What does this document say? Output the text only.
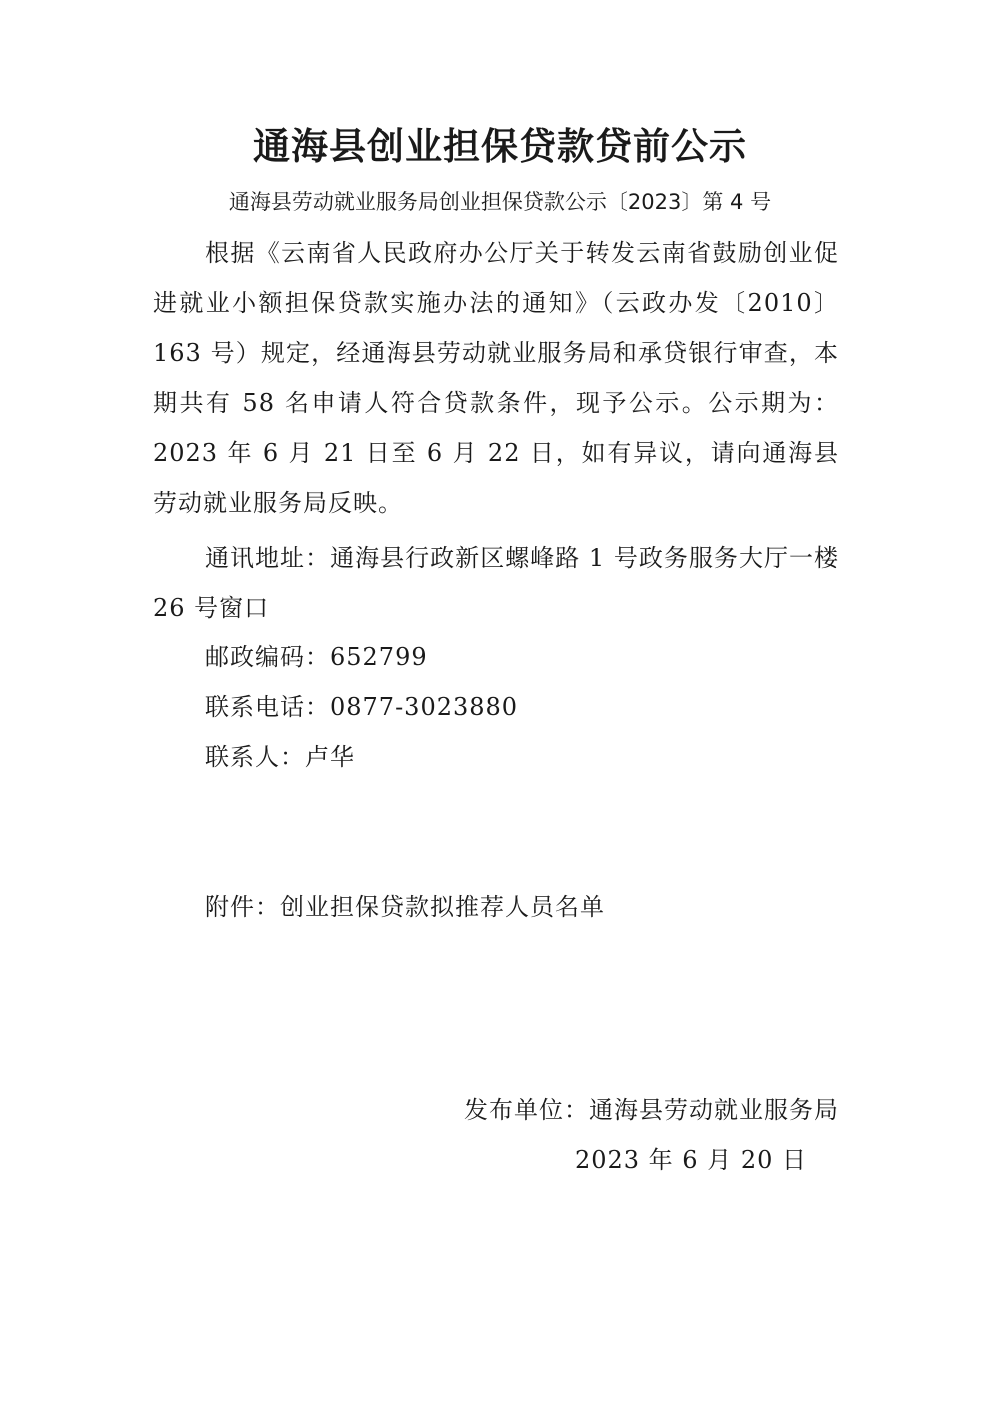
通海县创业担保贷款贷前公示
通海县劳动就业服务局创业担保贷款公示〔2023〕第 4 号
根据《云南省人民政府办公厅关于转发云南省鼓励创业促进就业小额担保贷款实施办法的通知》（云政办发〔2010〕163 号）规定，经通海县劳动就业服务局和承贷银行审查，本期共有 58 名申请人符合贷款条件，现予公示。公示期为：2023 年 6 月 21 日至 6 月 22 日，如有异议，请向通海县劳动就业服务局反映。
通讯地址：通海县行政新区螺峰路 1 号政务服务大厅一楼 26 号窗口
邮政编码：652799
联系电话：0877-3023880
联系人：卢华
附件：创业担保贷款拟推荐人员名单
发布单位：通海县劳动就业服务局
2023 年 6 月 20 日
